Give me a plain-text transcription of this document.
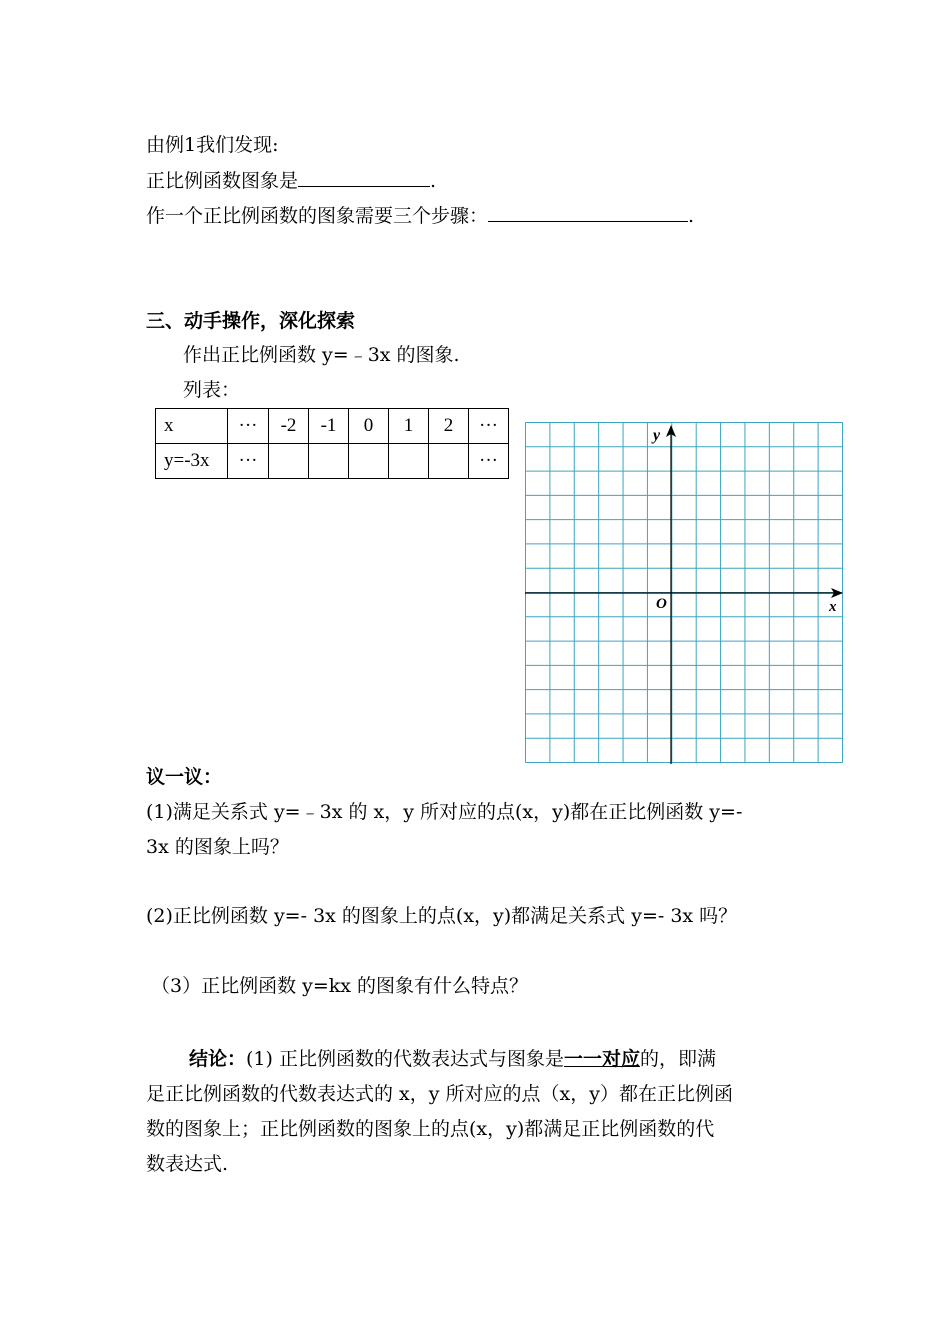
由例1我们发现:
正比例函数图象是	.
作一个正比例函数的图象需要三个步骤：	.
三、动手操作，深化探索
作出正比例函数 y=﹣3x 的图象.
列表：
x	···	-2	-1	0	1	2	···
y=-3x	···						···
x
y
O
议一议：
(1)满足关系式 y=﹣3x 的 x，y 所对应的点(x，y)都在正比例函数 y=-
3x 的图象上吗？
(2)正比例函数 y=- 3x 的图象上的点(x，y)都满足关系式 y=- 3x 吗？
（3）正比例函数 y=kx 的图象有什么特点？
结论：(1) 正比例函数的代数表达式与图象是一一对应的，即满
足正比例函数的代数表达式的 x，y 所对应的点（x，y）都在正比例函
数的图象上；正比例函数的图象上的点(x，y)都满足正比例函数的代
数表达式.
